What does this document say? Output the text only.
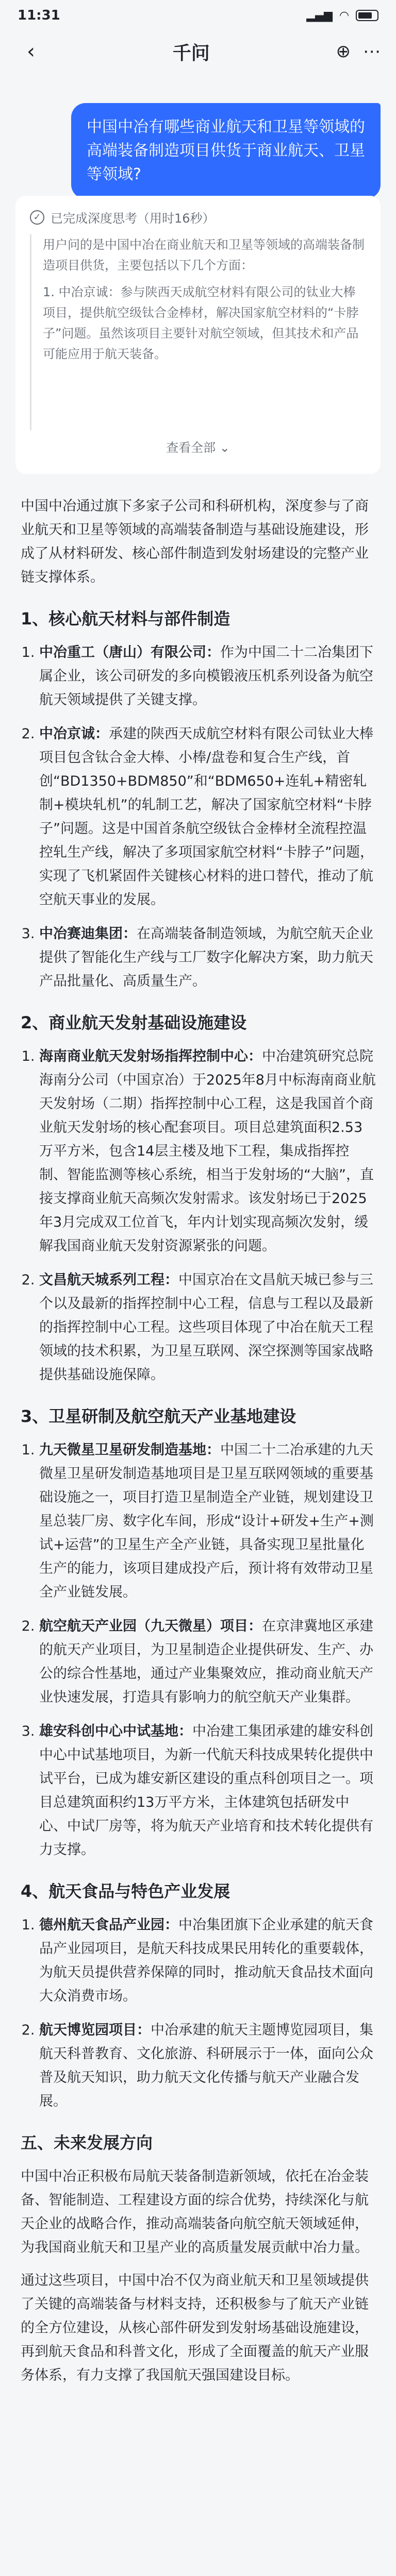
11:31	▂▄▆ ◠
‹	千问	⊕ ⋯
中国中冶有哪些商业航天和卫星等领域的高端装备制造项目供货于商业航天、卫星等领域?
✓ 已完成深度思考（用时16秒）

用户问的是中国中冶在商业航天和卫星等领域的高端装备制造项目供货，主要包括以下几个方面：

1. 中冶京诚：参与陕西天成航空材料有限公司的钛业大棒项目，提供航空级钛合金棒材，解决国家航空材料的“卡脖子”问题。虽然该项目主要针对航空领域，但其技术和产品可能应用于航天装备。

查看全部 ⌄

中国中冶通过旗下多家子公司和科研机构，深度参与了商业航天和卫星等领域的高端装备制造与基础设施建设，形成了从材料研发、核心部件制造到发射场建设的完整产业链支撑体系。

1、核心航天材料与部件制造
1. 中冶重工（唐山）有限公司：作为中国二十二冶集团下属企业，该公司研发的多向模锻液压机系列设备为航空航天领域提供了关键支撑。
2. 中冶京诚：承建的陕西天成航空材料有限公司钛业大棒项目包含钛合金大棒、小棒/盘卷和复合生产线，首创“BD1350+BDM850”和“BDM650+连轧+精密轧制+模块轧机”的轧制工艺，解决了国家航空材料“卡脖子”问题。这是中国首条航空级钛合金棒材全流程控温控轧生产线，解决了多项国家航空材料“卡脖子”问题，实现了飞机紧固件关键核心材料的进口替代，推动了航空航天事业的发展。
3. 中冶赛迪集团：在高端装备制造领域，为航空航天企业提供了智能化生产线与工厂数字化解决方案，助力航天产品批量化、高质量生产。
2、商业航天发射基础设施建设
1. 海南商业航天发射场指挥控制中心：中冶建筑研究总院海南分公司（中国京冶）于2025年8月中标海南商业航天发射场（二期）指挥控制中心工程，这是我国首个商业航天发射场的核心配套项目。项目总建筑面积2.53万平方米，包含14层主楼及地下工程，集成指挥控制、智能监测等核心系统，相当于发射场的“大脑”，直接支撑商业航天高频次发射需求。该发射场已于2025年3月完成双工位首飞，年内计划实现高频次发射，缓解我国商业航天发射资源紧张的问题。
2. 文昌航天城系列工程：中国京冶在文昌航天城已参与三个以及最新的指挥控制中心工程，信息与工程以及最新的指挥控制中心工程。这些项目体现了中冶在航天工程领域的技术积累，为卫星互联网、深空探测等国家战略提供基础设施保障。
3、卫星研制及航空航天产业基地建设
1. 九天微星卫星研发制造基地：中国二十二冶承建的九天微星卫星研发制造基地项目是卫星互联网领域的重要基础设施之一，项目打造卫星制造全产业链，规划建设卫星总装厂房、数字化车间，形成“设计+研发+生产+测试+运营”的卫星生产全产业链，具备实现卫星批量化生产的能力，该项目建成投产后，预计将有效带动卫星全产业链发展。
2. 航空航天产业园（九天微星）项目：在京津冀地区承建的航天产业项目，为卫星制造企业提供研发、生产、办公的综合性基地，通过产业集聚效应，推动商业航天产业快速发展，打造具有影响力的航空航天产业集群。
3. 雄安科创中心中试基地：中冶建工集团承建的雄安科创中心中试基地项目，为新一代航天科技成果转化提供中试平台，已成为雄安新区建设的重点科创项目之一。项目总建筑面积约13万平方米，主体建筑包括研发中心、中试厂房等，将为航天产业培育和技术转化提供有力支撑。
4、航天食品与特色产业发展
1. 德州航天食品产业园：中冶集团旗下企业承建的航天食品产业园项目，是航天科技成果民用转化的重要载体，为航天员提供营养保障的同时，推动航天食品技术面向大众消费市场。
2. 航天博览园项目：中冶承建的航天主题博览园项目，集航天科普教育、文化旅游、科研展示于一体，面向公众普及航天知识，助力航天文化传播与航天产业融合发展。
五、未来发展方向

中国中冶正积极布局航天装备制造新领域，依托在冶金装备、智能制造、工程建设方面的综合优势，持续深化与航天企业的战略合作，推动高端装备向航空航天领域延伸，为我国商业航天和卫星产业的高质量发展贡献中冶力量。

通过这些项目，中国中冶不仅为商业航天和卫星领域提供了关键的高端装备与材料支持，还积极参与了航天产业链的全方位建设，从核心部件研发到发射场基础设施建设，再到航天食品和科普文化，形成了全面覆盖的航天产业服务体系，有力支撑了我国航天强国建设目标。
